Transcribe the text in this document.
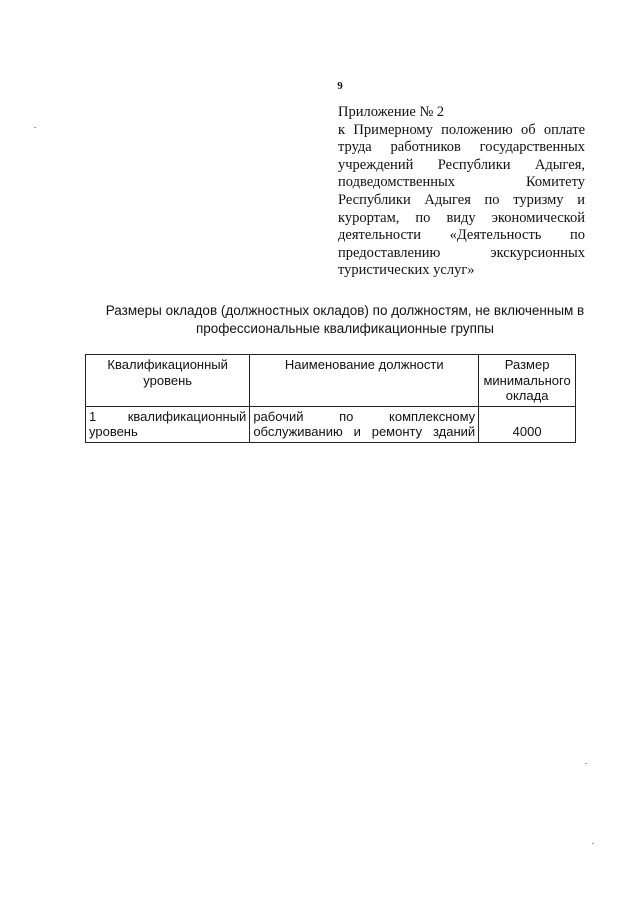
9

Приложение № 2

к Примерному положению об оплате труда работников государственных учреждений Республики Адыгея, подведомственных Комитету Республики Адыгея по туризму и курортам, по виду экономической деятельности «Деятельность по предоставлению экскурсионных туристических услуг»

Размеры окладов (должностных окладов) по должностям, не включенным в профессиональные квалификационные группы
Квалификационный уровень	Наименование должности	Размер минимального оклада
1 квалификационный уровень	рабочий по комплексному обслуживанию и ремонту зданий	4000
